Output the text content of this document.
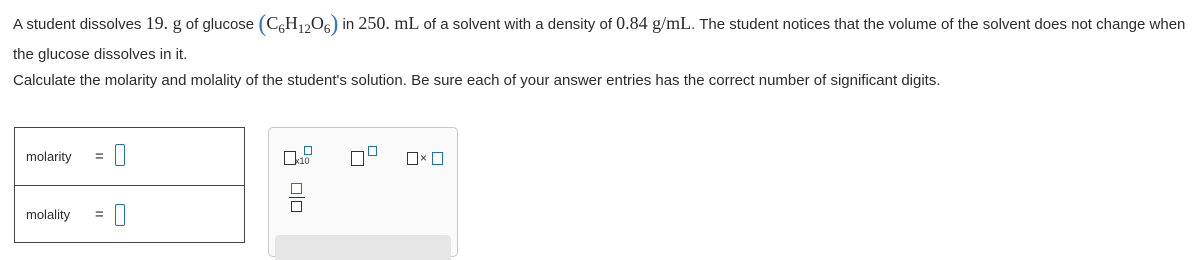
A student dissolves 19. g of glucose $(C_6H_{12}O_6)$ in 250. mL of a solvent with a density of 0.84 g/mL. The student notices that the volume of the solvent does not change when the glucose dissolves in it.
Calculate the molarity and molality of the student's solution. Be sure each of your answer entries has the correct number of significant digits.
molarity =
molality =
x10	×
